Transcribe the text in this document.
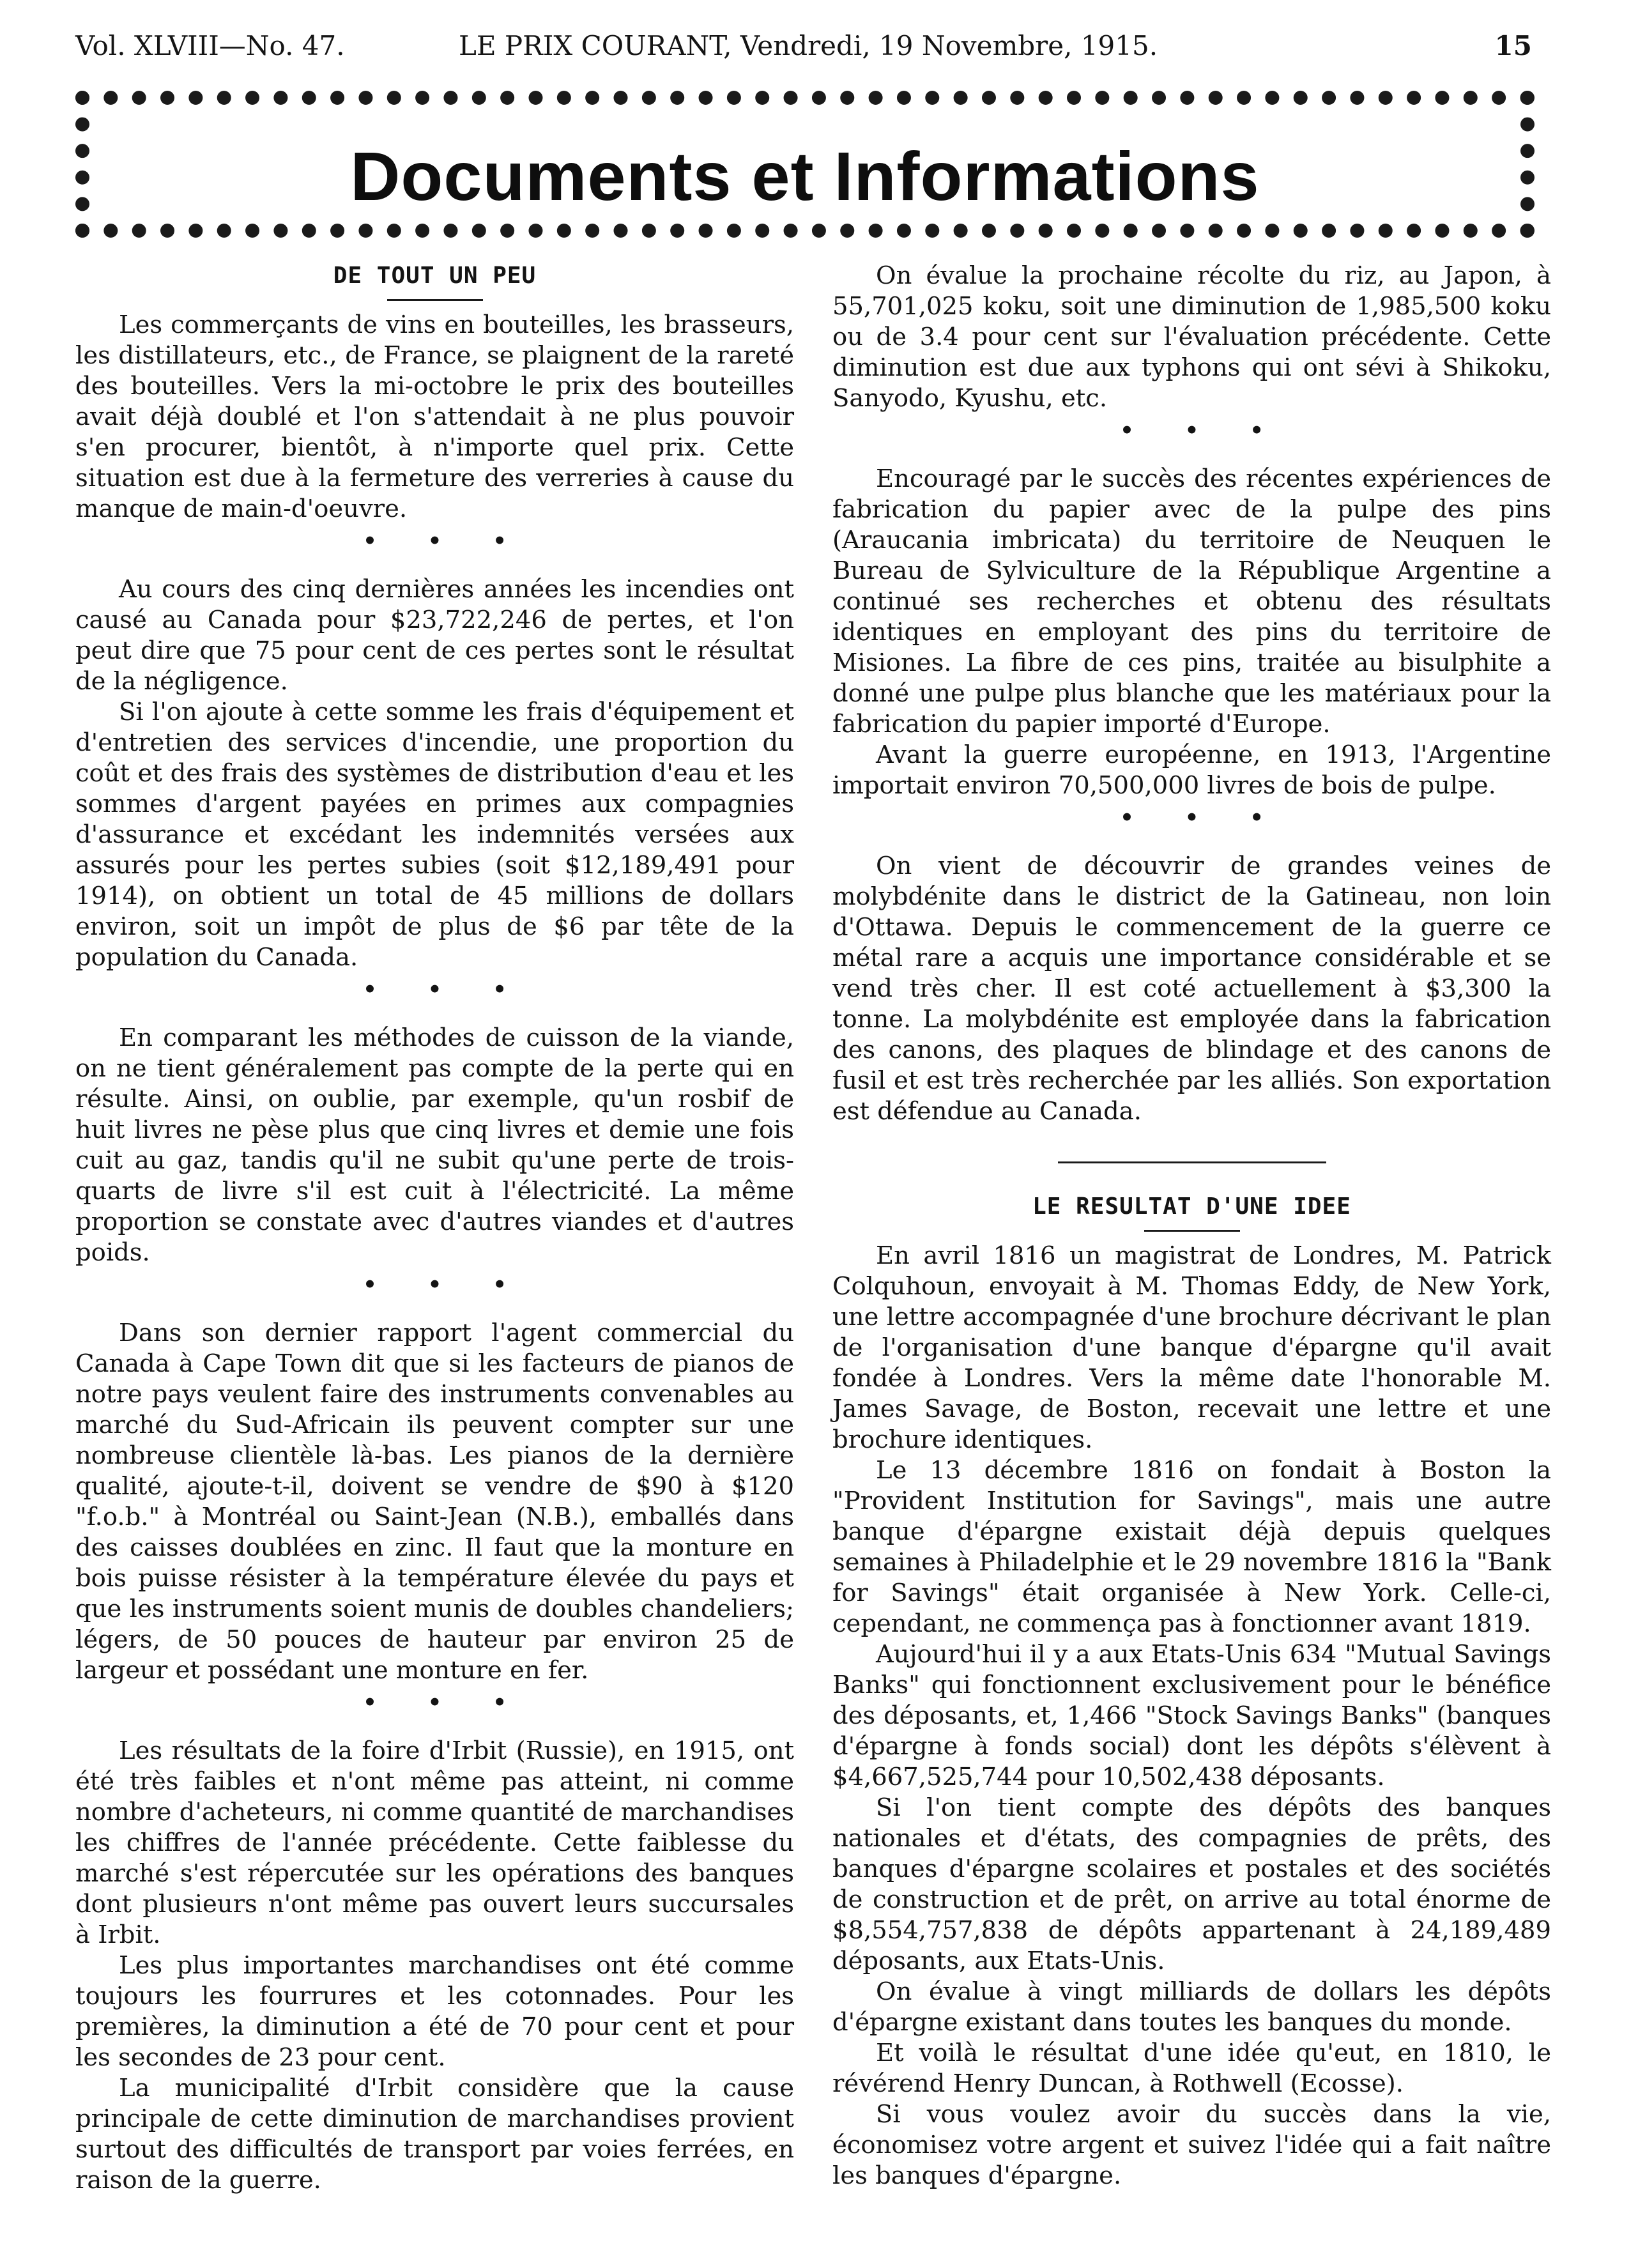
Vol. XLVIII—No. 47.	LE PRIX COURANT, Vendredi, 19 Novembre, 1915.	15
Documents et Informations
DE TOUT UN PEU

Les commerçants de vins en bouteilles, les brasseurs, les distillateurs, etc., de France, se plaignent de la rareté des bouteilles. Vers la mi-octobre le prix des bouteilles avait déjà doublé et l'on s'attendait à ne plus pouvoir s'en procurer, bientôt, à n'importe quel prix. Cette situation est due à la fermeture des verreries à cause du manque de main-d'oeuvre.

• • •

Au cours des cinq dernières années les incendies ont causé au Canada pour $23,722,246 de pertes, et l'on peut dire que 75 pour cent de ces pertes sont le résultat de la négligence.

Si l'on ajoute à cette somme les frais d'équipement et d'entretien des services d'incendie, une proportion du coût et des frais des systèmes de distribution d'eau et les sommes d'argent payées en primes aux compagnies d'assurance et excédant les indemnités versées aux assurés pour les pertes subies (soit $12,189,491 pour 1914), on obtient un total de 45 millions de dollars environ, soit un impôt de plus de $6 par tête de la population du Canada.

• • •

En comparant les méthodes de cuisson de la viande, on ne tient généralement pas compte de la perte qui en résulte. Ainsi, on oublie, par exemple, qu'un rosbif de huit livres ne pèse plus que cinq livres et demie une fois cuit au gaz, tandis qu'il ne subit qu'une perte de trois-quarts de livre s'il est cuit à l'électricité. La même proportion se constate avec d'autres viandes et d'autres poids.

• • •

Dans son dernier rapport l'agent commercial du Canada à Cape Town dit que si les facteurs de pianos de notre pays veulent faire des instruments convenables au marché du Sud-Africain ils peuvent compter sur une nombreuse clientèle là-bas. Les pianos de la dernière qualité, ajoute-t-il, doivent se vendre de $90 à $120 "f.o.b." à Montréal ou Saint-Jean (N.B.), emballés dans des caisses doublées en zinc. Il faut que la monture en bois puisse résister à la température élevée du pays et que les instruments soient munis de doubles chandeliers; légers, de 50 pouces de hauteur par environ 25 de largeur et possédant une monture en fer.

• • •

Les résultats de la foire d'Irbit (Russie), en 1915, ont été très faibles et n'ont même pas atteint, ni comme nombre d'acheteurs, ni comme quantité de marchandises les chiffres de l'année précédente. Cette faiblesse du marché s'est répercutée sur les opérations des banques dont plusieurs n'ont même pas ouvert leurs succursales à Irbit.

Les plus importantes marchandises ont été comme toujours les fourrures et les cotonnades. Pour les premières, la diminution a été de 70 pour cent et pour les secondes de 23 pour cent.

La municipalité d'Irbit considère que la cause principale de cette diminution de marchandises provient surtout des difficultés de transport par voies ferrées, en raison de la guerre.

On évalue la prochaine récolte du riz, au Japon, à 55,701,025 koku, soit une diminution de 1,985,500 koku ou de 3.4 pour cent sur l'évaluation précédente. Cette diminution est due aux typhons qui ont sévi à Shikoku, Sanyodo, Kyushu, etc.

• • •

Encouragé par le succès des récentes expériences de fabrication du papier avec de la pulpe des pins (Araucania imbricata) du territoire de Neuquen le Bureau de Sylviculture de la République Argentine a continué ses recherches et obtenu des résultats identiques en employant des pins du territoire de Misiones. La fibre de ces pins, traitée au bisulphite a donné une pulpe plus blanche que les matériaux pour la fabrication du papier importé d'Europe.

Avant la guerre européenne, en 1913, l'Argentine importait environ 70,500,000 livres de bois de pulpe.

• • •

On vient de découvrir de grandes veines de molybdénite dans le district de la Gatineau, non loin d'Ottawa. Depuis le commencement de la guerre ce métal rare a acquis une importance considérable et se vend très cher. Il est coté actuellement à $3,300 la tonne. La molybdénite est employée dans la fabrication des canons, des plaques de blindage et des canons de fusil et est très recherchée par les alliés. Son exportation est défendue au Canada.

LE RESULTAT D'UNE IDEE

En avril 1816 un magistrat de Londres, M. Patrick Colquhoun, envoyait à M. Thomas Eddy, de New York, une lettre accompagnée d'une brochure décrivant le plan de l'organisation d'une banque d'épargne qu'il avait fondée à Londres. Vers la même date l'honorable M. James Savage, de Boston, recevait une lettre et une brochure identiques.

Le 13 décembre 1816 on fondait à Boston la "Provident Institution for Savings", mais une autre banque d'épargne existait déjà depuis quelques semaines à Philadelphie et le 29 novembre 1816 la "Bank for Savings" était organisée à New York. Celle-ci, cependant, ne commença pas à fonctionner avant 1819.

Aujourd'hui il y a aux Etats-Unis 634 "Mutual Savings Banks" qui fonctionnent exclusivement pour le bénéfice des déposants, et, 1,466 "Stock Savings Banks" (banques d'épargne à fonds social) dont les dépôts s'élèvent à $4,667,525,744 pour 10,502,438 déposants.

Si l'on tient compte des dépôts des banques nationales et d'états, des compagnies de prêts, des banques d'épargne scolaires et postales et des sociétés de construction et de prêt, on arrive au total énorme de $8,554,757,838 de dépôts appartenant à 24,189,489 déposants, aux Etats-Unis.

On évalue à vingt milliards de dollars les dépôts d'épargne existant dans toutes les banques du monde.

Et voilà le résultat d'une idée qu'eut, en 1810, le révérend Henry Duncan, à Rothwell (Ecosse).

Si vous voulez avoir du succès dans la vie, économisez votre argent et suivez l'idée qui a fait naître les banques d'épargne.
